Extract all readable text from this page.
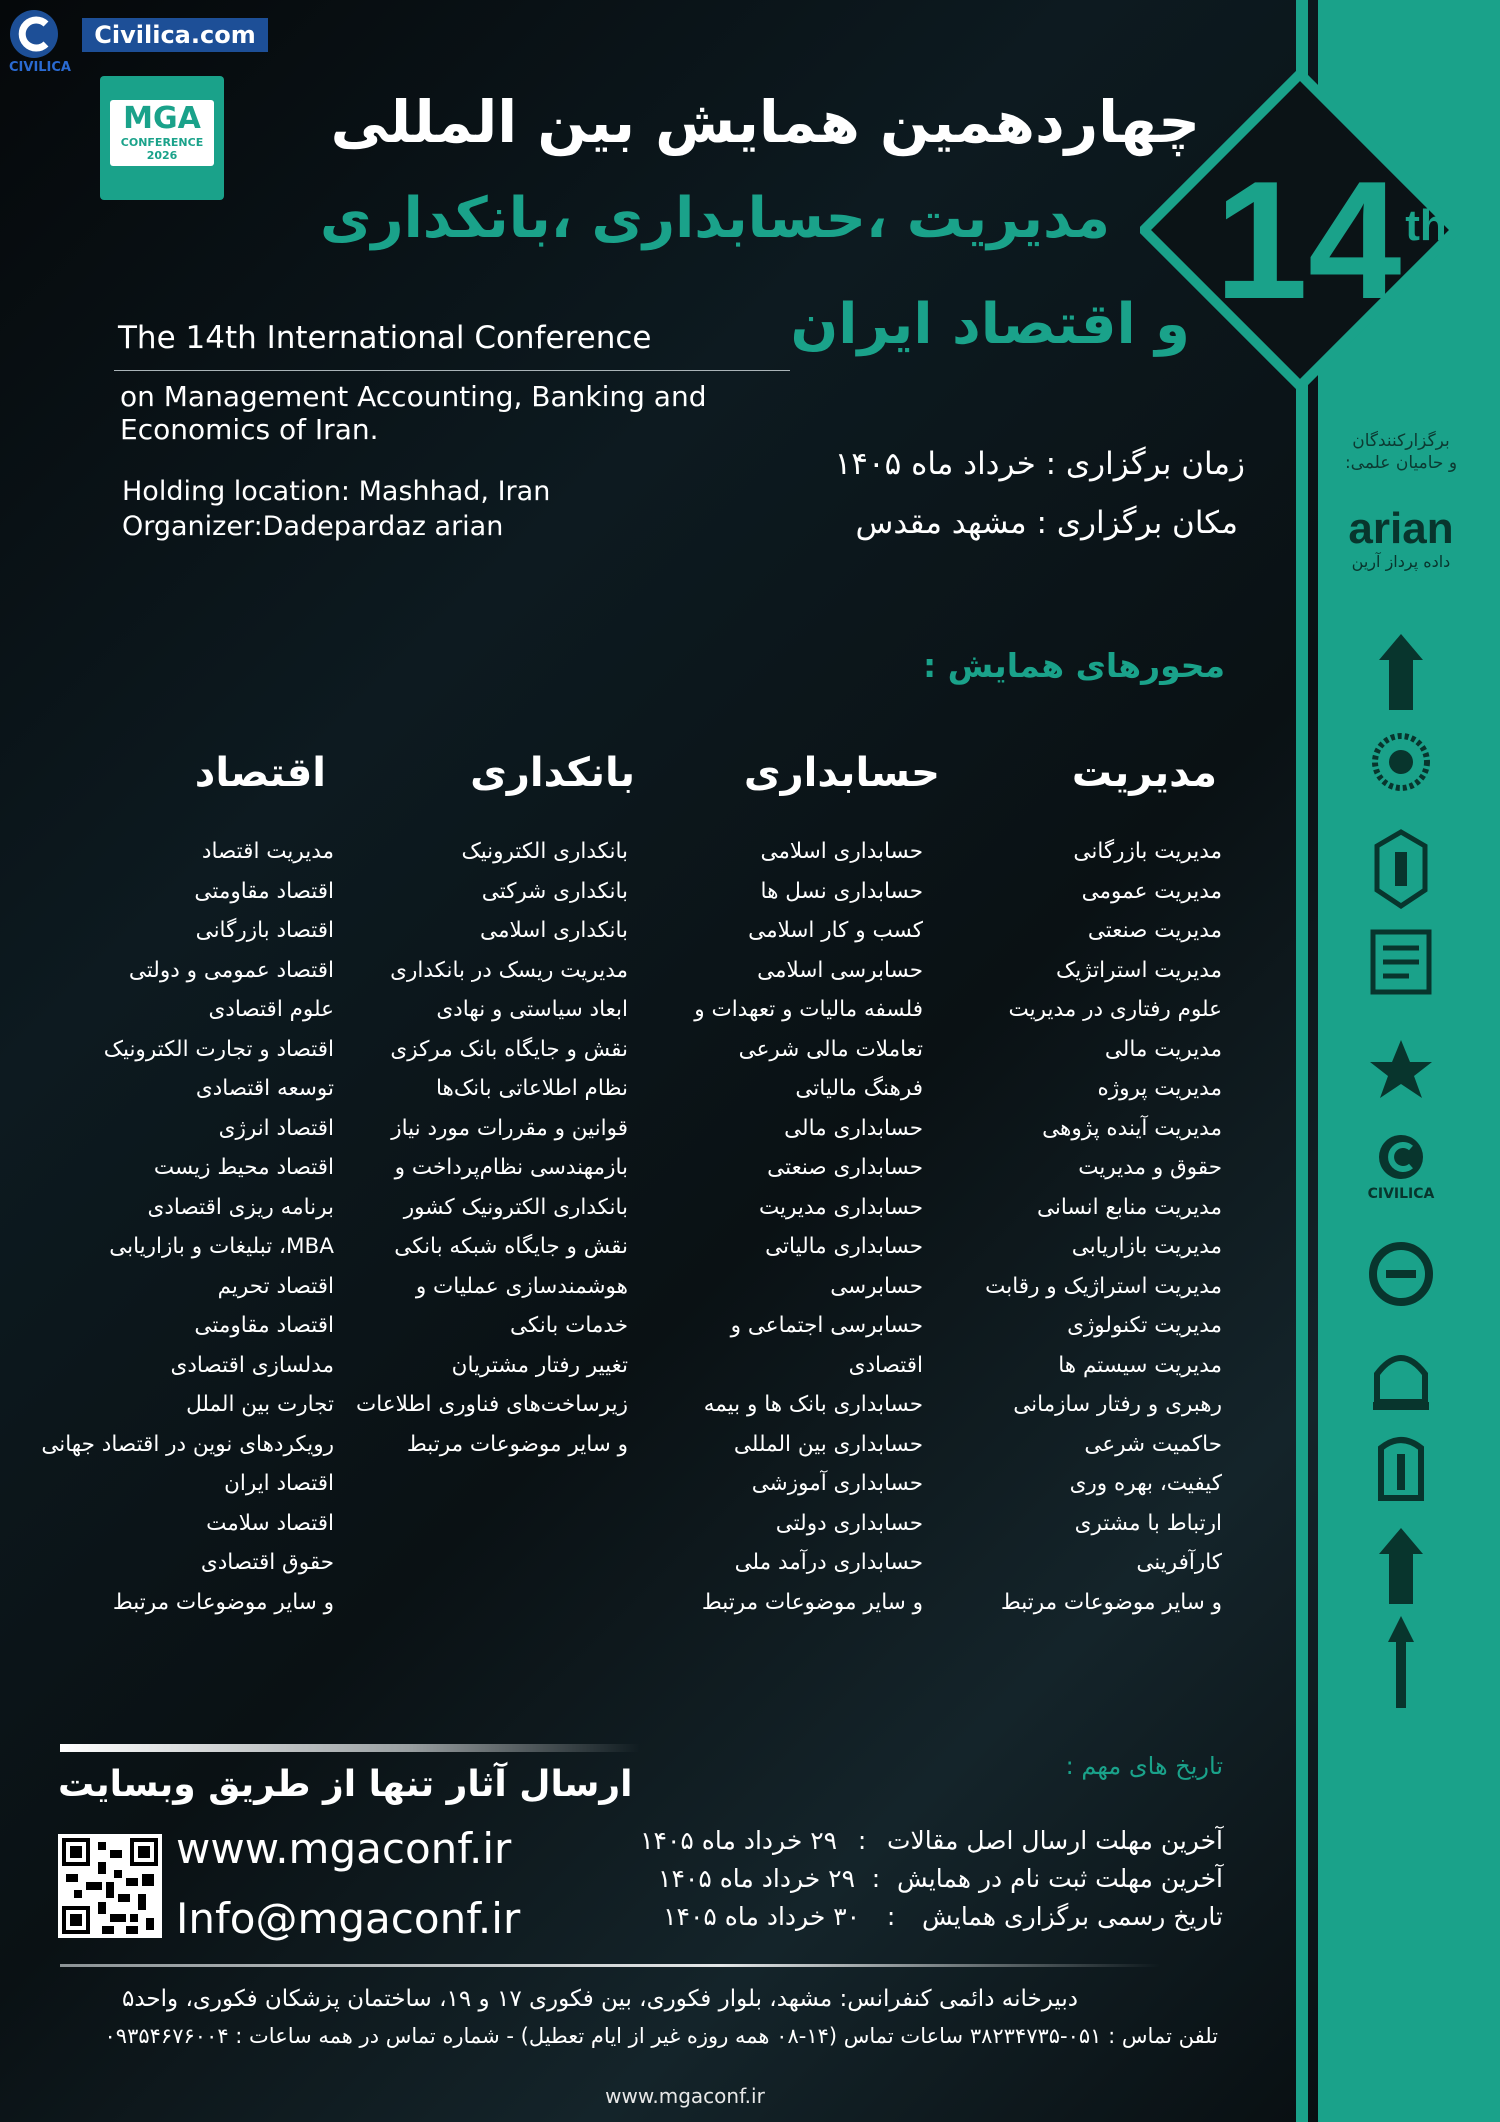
14 th
Civilica.com
CIVILICA
MGA
CONFERENCE
2026	چهاردهمین همایش بین المللی
مدیریت ،حسابداری ،بانکداری
و اقتصاد ایران
The 14th International Conference
on Management Accounting, Banking and Economics of Iran.
Holding location: Mashhad, Iran
Organizer:Dadepardaz arian
زمان برگزاری : خرداد ماه ۱۴۰۵
مکان برگزاری : مشهد مقدس
محورهای همایش :
مدیریت
حسابداری
بانکداری
اقتصاد
مدیریت بازرگانی
مدیریت عمومی
مدیریت صنعتی
مدیریت استراتژیک
علوم رفتاری در مدیریت
مدیریت مالی
مدیریت پروژه
مدیریت آینده پژوهی
حقوق و مدیریت
مدیریت منابع انسانی
مدیریت بازاریابی
مدیریت استراژیک و رقابت
مدیریت تکنولوژی
مدیریت سیستم ها
رهبری و رفتار سازمانی
حاکمیت شرعی
کیفیت، بهره وری
ارتباط با مشتری
کارآفرینی
و سایر موضوعات مرتبط
حسابداری اسلامی
حسابداری نسل ها
کسب و کار اسلامی
حسابرسی اسلامی
فلسفه مالیات و تعهدات و
تعاملات مالی شرعی
فرهنگ مالیاتی
حسابداری مالی
حسابداری صنعتی
حسابداری مدیریت
حسابداری مالیاتی
حسابرسی
حسابرسی اجتماعی و
اقتصادی
حسابداری بانک ها و بیمه
حسابداری بین المللی
حسابداری آموزشی
حسابداری دولتی
حسابداری درآمد ملی
و سایر موضوعات مرتبط
بانکداری الکترونیک
بانکداری شرکتی
بانکداری اسلامی
مدیریت ریسک در بانکداری
ابعاد سیاستی و نهادی
نقش و جایگاه بانک مرکزی
نظام اطلاعاتی بانک‌ها
قوانین و مقررات مورد نیاز
بازمهندسی نظام‌پرداخت و
بانکداری الکترونیک کشور
نقش و جایگاه شبکه بانکی
هوشمندسازی عملیات و
خدمات بانکی
تغییر رفتار مشتریان
زیرساخت‌های فناوری اطلاعات
و سایر موضوعات مرتبط
مدیریت اقتصاد
اقتصاد مقاومتی
اقتصاد بازرگانی
اقتصاد عمومی و دولتی
علوم اقتصادی
اقتصاد و تجارت الکترونیک
توسعه اقتصادی
اقتصاد انرژی
اقتصاد محیط زیست
برنامه ریزی اقتصادی
MBA، تبلیغات و بازاریابی
اقتصاد تحریم
اقتصاد مقاومتی
مدلسازی اقتصادی
تجارت بین الملل
رویکردهای نوین در اقتصاد جهانی
اقتصاد ایران
اقتصاد سلامت
حقوق اقتصادی
و سایر موضوعات مرتبط
برگزارکنندگان
و حامیان علمی:
arian
داده پرداز آرین
CIVILICA
ارسال آثار تنها از طریق وبسایت
www.mgaconf.ir
Info@mgaconf.ir
تاریخ های مهم :
آخرین مهلت ارسال اصل مقالات : ۲۹ خرداد ماه ۱۴۰۵
آخرین مهلت ثبت نام در همایش : ۲۹ خرداد ماه ۱۴۰۵
تاریخ رسمی برگزاری همایش : ۳۰ خرداد ماه ۱۴۰۵
دبیرخانه دائمی کنفرانس: مشهد، بلوار فکوری، بین فکوری ۱۷ و ۱۹، ساختمان پزشکان فکوری، واحد۵
تلفن تماس : ۰۵۱-۳۸۲۳۴۷۳۵ ساعات تماس (۱۴-۰۸ همه روزه غیر از ایام تعطیل) - شماره تماس در همه ساعات : ۰۹۳۵۴۶۷۶۰۰۴
www.mgaconf.ir
